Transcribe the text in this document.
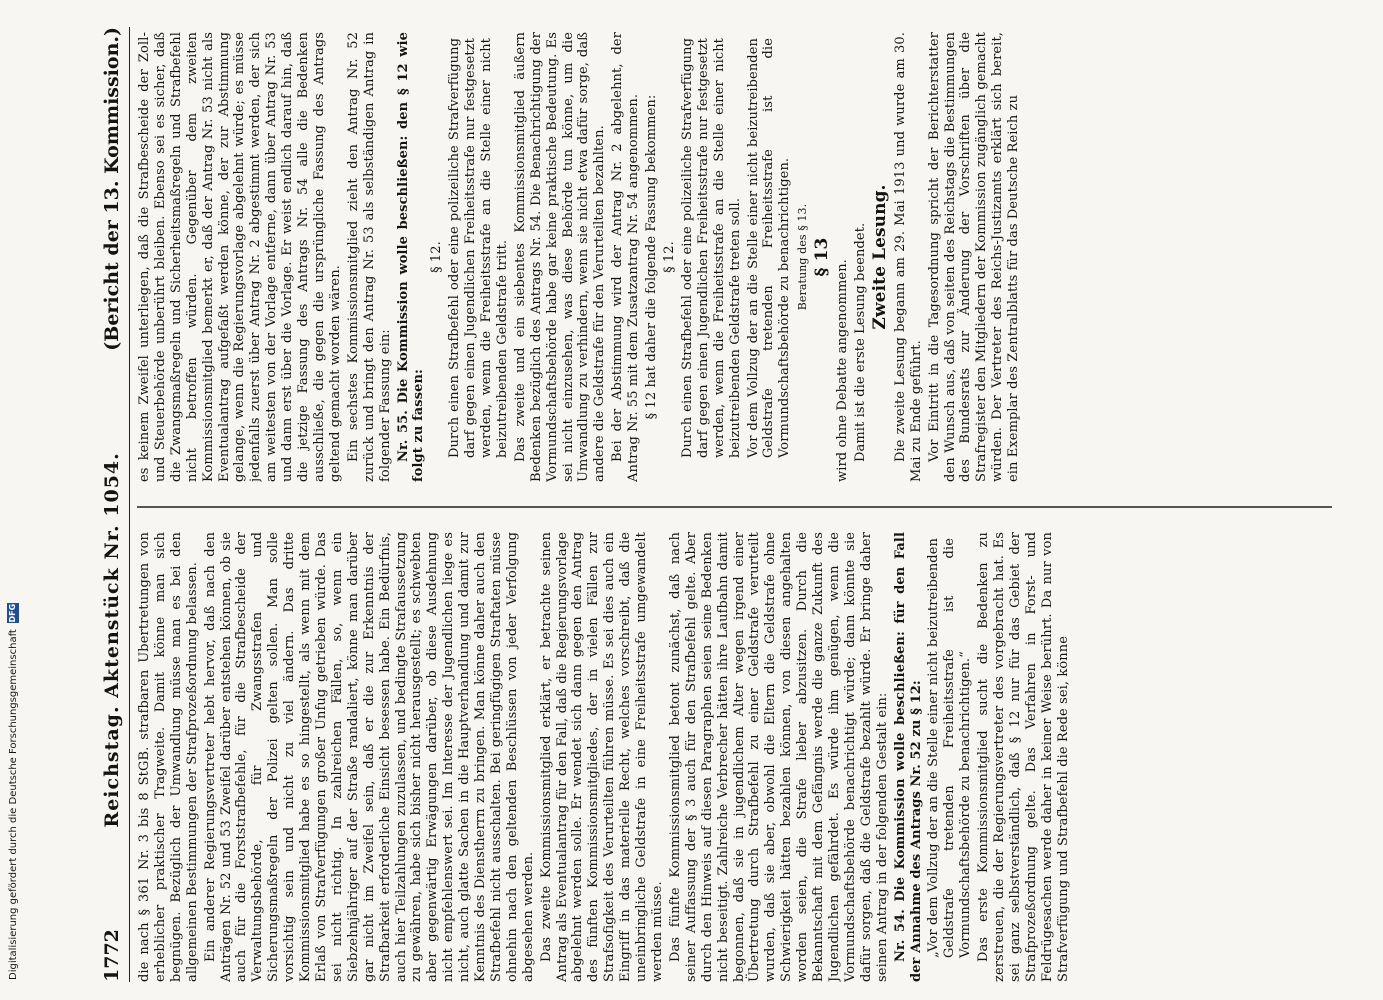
1772
Reichstag. Aktenstück Nr. 1054.
(Bericht der 13. Kommission.)

die nach § 361 Nr. 3 bis 8 StGB. strafbaren Übertretungen von erheblicher praktischer Tragweite. Damit könne man sich begnügen. Bezüglich der Umwandlung müsse man es bei den allgemeinen Bestimmungen der Strafprozeßordnung belassen. Ein anderer Regierungsvertreter hebt hervor, daß nach den Anträgen Nr. 52 und 53 Zweifel darüber entstehen können, ob sie auch für die Forststrafbefehle, für die Strafbescheide der Verwaltungsbehörde, für Zwangsstrafen und Sicherungsmaßregeln der Polizei gelten sollen. Man solle vorsichtig sein und nicht zu viel ändern. Das dritte Kommissionsmitglied habe es so hingestellt, als wenn mit dem Erlaß von Strafverfügungen großer Unfug getrieben würde. Das sei nicht richtig. In zahlreichen Fällen, so, wenn ein Siebzehnjähriger auf der Straße randaliert, könne man darüber gar nicht im Zweifel sein, daß er die zur Erkenntnis der Strafbarkeit erforderliche Einsicht besessen habe. Ein Bedürfnis, auch hier Teilzahlungen zuzulassen, und bedingte Strafaussetzung zu gewähren, habe sich bisher nicht herausgestellt; es schwebten aber gegenwärtig Erwägungen darüber, ob diese Ausdehnung nicht empfehlenswert sei. Im Interesse der Jugendlichen liege es nicht, auch glatte Sachen in die Hauptverhandlung und damit zur Kenntnis des Dienstherrn zu bringen. Man könne daher auch den Strafbefehl nicht ausschalten. Bei geringfügigen Straftaten müsse ohnehin nach den geltenden Beschlüssen von jeder Verfolgung abgesehen werden. Das zweite Kommissionsmitglied erklärt, er betrachte seinen Antrag als Eventualantrag für den Fall, daß die Regierungsvorlage abgelehnt werden solle. Er wendet sich dann gegen den Antrag des fünften Kommissionsmitgliedes, der in vielen Fällen zur Strafsofigkeit des Verurteilten führen müsse. Es sei dies auch ein Eingriff in das materielle Recht, welches vorschreibt, daß die uneinbringliche Geldstrafe in eine Freiheitsstrafe umgewandelt werden müsse. Das fünfte Kommissionsmitglied betont zunächst, daß nach seiner Auffassung der § 3 auch für den Strafbefehl gelte. Aber durch den Hinweis auf diesen Paragraphen seien seine Bedenken nicht beseitigt. Zahlreiche Verbrecher hätten ihre Laufbahn damit begonnen, daß sie in jugendlichem Alter wegen irgend einer Übertretung durch Strafbefehl zu einer Geldstrafe verurteilt wurden, daß sie aber, obwohl die Eltern die Geldstrafe ohne Schwierigkeit hätten bezahlen können, von diesen angehalten worden seien, die Strafe lieber abzusitzen. Durch die Bekanntschaft mit dem Gefängnis werde die ganze Zukunft des Jugendlichen gefährdet. Es würde ihm genügen, wenn die Vormundschaftsbehörde benachrichtigt würde; dann könnte sie dafür sorgen, daß die Geldstrafe bezahlt würde. Er bringe daher seinen Antrag in der folgenden Gestalt ein: Nr. 54. Die Kommission wolle beschließen: für den Fall der Annahme des Antrags Nr. 52 zu § 12: „Vor dem Vollzug der an die Stelle einer nicht beizutreibenden Geldstrafe tretenden Freiheitsstrafe ist die Vormundschaftsbehörde zu benachrichtigen.“ Das erste Kommissionsmitglied sucht die Bedenken zu zerstreuen, die der Regierungsvertreter des vorgebracht hat. Es sei ganz selbstverständlich, daß § 12 nur für das Gebiet der Strafprozeßordnung gelte. Das Verfahren in Forst- und Feldrügesachen werde daher in keiner Weise berührt. Da nur von Strafverfügung und Strafbefehl die Rede sei, könne

es keinem Zweifel unterliegen, daß die Strafbescheide der Zoll- und Steuerbehörde unberührt bleiben. Ebenso sei es sicher, daß die Zwangsmaßregeln und Sicherheitsmaßregeln und Strafbefehl nicht betroffen würden. Gegenüber dem zweiten Kommissionsmitglied bemerkt er, daß der Antrag Nr. 53 nicht als Eventualantrag aufgefaßt werden könne, der zur Abstimmung gelange, wenn die Regierungsvorlage abgelehnt würde; es müsse jedenfalls zuerst über Antrag Nr. 2 abgestimmt werden, der sich am weitesten von der Vorlage entferne, dann über Antrag Nr. 53 und dann erst über die Vorlage. Er weist endlich darauf hin, daß die jetzige Fassung des Antrags Nr. 54 alle die Bedenken ausschließe, die gegen die ursprüngliche Fassung des Antrags geltend gemacht worden wären. Ein sechstes Kommissionsmitglied zieht den Antrag Nr. 52 zurück und bringt den Antrag Nr. 53 als selbständigen Antrag in folgender Fassung ein: Nr. 55. Die Kommission wolle beschließen: den § 12 wie folgt zu fassen:

§ 12. Durch einen Strafbefehl oder eine polizeiliche Strafverfügung darf gegen einen Jugendlichen Freiheitsstrafe nur festgesetzt werden, wenn die Freiheitsstrafe an die Stelle einer nicht beizutreibenden Geldstrafe tritt. Das zweite und ein siebentes Kommissionsmitglied äußern Bedenken bezüglich des Antrags Nr. 54. Die Benachrichtigung der Vormundschaftsbehörde habe gar keine praktische Bedeutung. Es sei nicht einzusehen, was diese Behörde tun könne, um die Umwandlung zu verhindern, wenn sie nicht etwa dafür sorge, daß andere die Geldstrafe für den Verurteilten bezahlten. Bei der Abstimmung wird der Antrag Nr. 2 abgelehnt, der Antrag Nr. 55 mit dem Zusatzantrag Nr. 54 angenommen. § 12 hat daher die folgende Fassung bekommen: § 12. Durch einen Strafbefehl oder eine polizeiliche Strafverfügung darf gegen einen Jugendlichen Freiheitsstrafe nur festgesetzt werden, wenn die Freiheitsstrafe an die Stelle einer nicht beizutreibenden Geldstrafe treten soll. Vor dem Vollzug der an die Stelle einer nicht beizutreibenden Geldstrafe tretenden Freiheitsstrafe ist die Vormundschaftsbehörde zu benachrichtigen. Beratung des § 13. § 13

wird ohne Debatte angenommen. Damit ist die erste Lesung beendet. Zweite Lesung. Die zweite Lesung begann am 29. Mai 1913 und wurde am 30. Mai zu Ende geführt. Vor Eintritt in die Tagesordnung spricht der Berichterstatter den Wunsch aus, daß von seiten des Reichstags die Bestimmungen des Bundesrats zur Änderung der Vorschriften über die Strafregister den Mitgliedern der Kommission zugänglich gemacht würden. Der Vertreter des Reichs-Justizamts erklärt sich bereit, ein Exemplar des Zentralblatts für das Deutsche Reich zu

Digitalisierung gefördert durch die Deutsche Forschungsgemeinschaft
DFG
